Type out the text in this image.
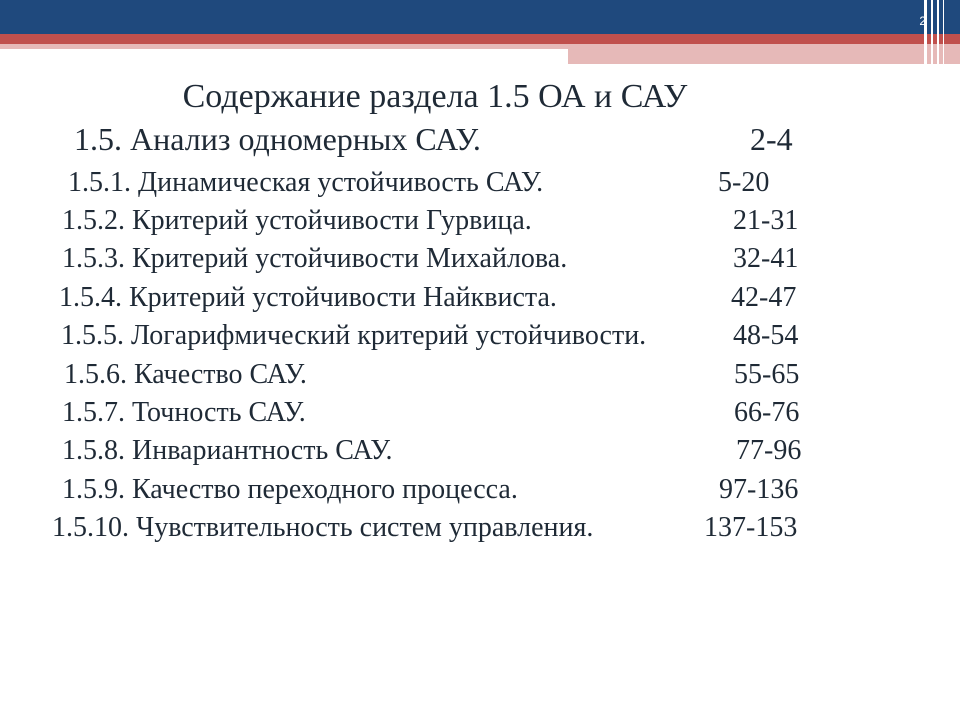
2
Содержание раздела 1.5 ОА и САУ
1.5. Анализ одномерных САУ.	2-4
1.5.1. Динамическая устойчивость САУ.	5-20
1.5.2. Критерий устойчивости Гурвица.	21-31
1.5.3. Критерий устойчивости Михайлова.	32-41
1.5.4. Критерий устойчивости Найквиста.	42-47
1.5.5. Логарифмический критерий устойчивости.	48-54
1.5.6. Качество САУ.	55-65
1.5.7. Точность САУ.	66-76
1.5.8. Инвариантность САУ.	77-96
1.5.9. Качество переходного процесса.	97-136
1.5.10. Чувствительность систем управления.	137-153
